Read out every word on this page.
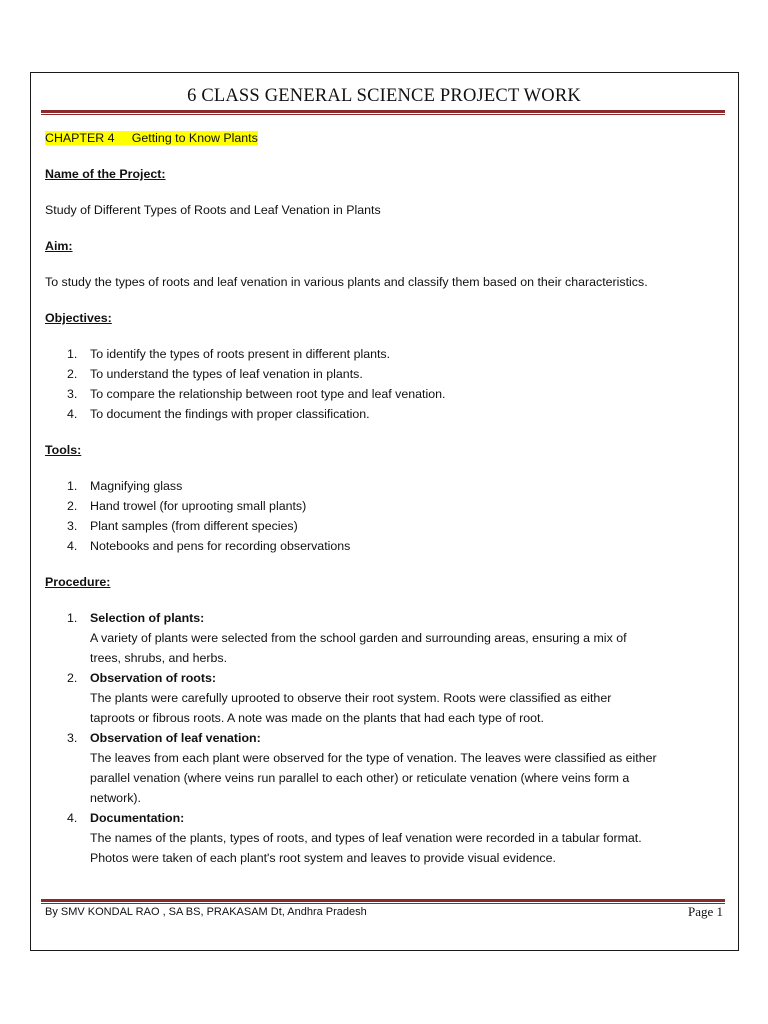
6 CLASS GENERAL SCIENCE PROJECT WORK

CHAPTER 4 Getting to Know Plants

Name of the Project:

Study of Different Types of Roots and Leaf Venation in Plants

Aim:

To study the types of roots and leaf venation in various plants and classify them based on their characteristics.

Objectives:

1. To identify the types of roots present in different plants.
2. To understand the types of leaf venation in plants.
3. To compare the relationship between root type and leaf venation.
4. To document the findings with proper classification.

Tools:

1. Magnifying glass
2. Hand trowel (for uprooting small plants)
3. Plant samples (from different species)
4. Notebooks and pens for recording observations

Procedure:

1. Selection of plants:
A variety of plants were selected from the school garden and surrounding areas, ensuring a mix of
trees, shrubs, and herbs.
2. Observation of roots:
The plants were carefully uprooted to observe their root system. Roots were classified as either
taproots or fibrous roots. A note was made on the plants that had each type of root.
3. Observation of leaf venation:
The leaves from each plant were observed for the type of venation. The leaves were classified as either
parallel venation (where veins run parallel to each other) or reticulate venation (where veins form a
network).
4. Documentation:
The names of the plants, types of roots, and types of leaf venation were recorded in a tabular format.
Photos were taken of each plant's root system and leaves to provide visual evidence.
By SMV KONDAL RAO , SA BS, PRAKASAM Dt, Andhra Pradesh	Page 1
